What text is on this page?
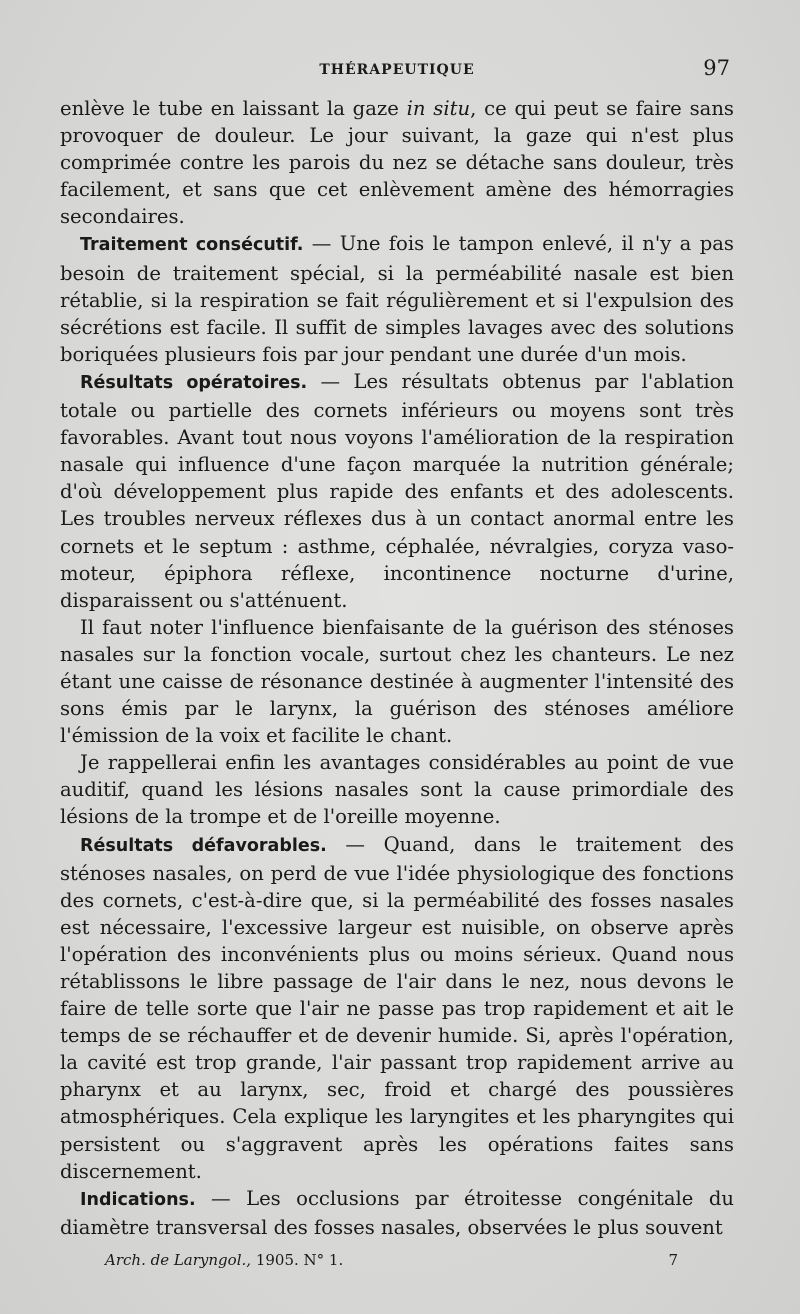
THÉRAPEUTIQUE	97

enlève le tube en laissant la gaze in situ, ce qui peut se faire sans provoquer de douleur. Le jour suivant, la gaze qui n'est plus comprimée contre les parois du nez se détache sans douleur, très facilement, et sans que cet enlèvement amène des hémorragies secondaires.

Traitement consécutif. — Une fois le tampon enlevé, il n'y a pas besoin de traitement spécial, si la perméabilité nasale est bien rétablie, si la respiration se fait régulièrement et si l'expulsion des sécrétions est facile. Il suffit de simples lavages avec des solutions boriquées plusieurs fois par jour pendant une durée d'un mois.

Résultats opératoires. — Les résultats obtenus par l'ablation totale ou partielle des cornets inférieurs ou moyens sont très favorables. Avant tout nous voyons l'amélioration de la respiration nasale qui influence d'une façon marquée la nutrition générale; d'où développement plus rapide des enfants et des adolescents. Les troubles nerveux réflexes dus à un contact anormal entre les cornets et le septum : asthme, céphalée, névralgies, coryza vaso-moteur, épiphora réflexe, incontinence nocturne d'urine, disparaissent ou s'atténuent.

Il faut noter l'influence bienfaisante de la guérison des sténoses nasales sur la fonction vocale, surtout chez les chanteurs. Le nez étant une caisse de résonance destinée à augmenter l'intensité des sons émis par le larynx, la guérison des sténoses améliore l'émission de la voix et facilite le chant.

Je rappellerai enfin les avantages considérables au point de vue auditif, quand les lésions nasales sont la cause primordiale des lésions de la trompe et de l'oreille moyenne.

Résultats défavorables. — Quand, dans le traitement des sténoses nasales, on perd de vue l'idée physiologique des fonctions des cornets, c'est-à-dire que, si la perméabilité des fosses nasales est nécessaire, l'excessive largeur est nuisible, on observe après l'opération des inconvénients plus ou moins sérieux. Quand nous rétablissons le libre passage de l'air dans le nez, nous devons le faire de telle sorte que l'air ne passe pas trop rapidement et ait le temps de se réchauffer et de devenir humide. Si, après l'opération, la cavité est trop grande, l'air passant trop rapidement arrive au pharynx et au larynx, sec, froid et chargé des poussières atmosphériques. Cela explique les laryngites et les pharyngites qui persistent ou s'aggravent après les opérations faites sans discernement.

Indications. — Les occlusions par étroitesse congénitale du diamètre transversal des fosses nasales, observées le plus souvent

Arch. de Laryngol., 1905. N° 1.	7
